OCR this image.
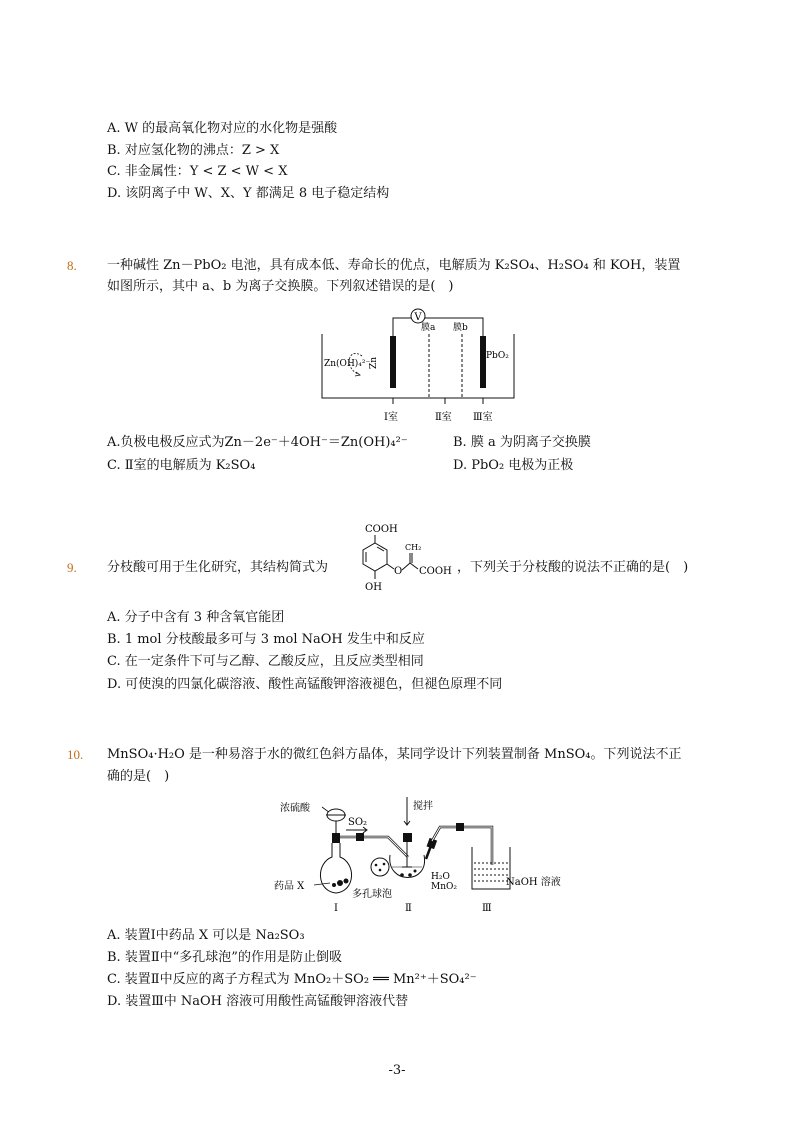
A. W 的最高氧化物对应的水化物是强酸
B. 对应氢化物的沸点：Z > X
C. 非金属性：Y < Z < W < X
D. 该阴离子中 W、X、Y 都满足 8 电子稳定结构
8. 一种碱性 Zn－PbO₂ 电池，具有成本低、寿命长的优点，电解质为 K₂SO₄、H₂SO₄ 和 KOH，装置
如图所示，其中 a、b 为离子交换膜。下列叙述错误的是(　)
V
膜a 膜b
Zn(OH)₄²⁻
Zn
PbO₂
Ⅰ室	Ⅱ室 Ⅲ室
A.负极电极反应式为Zn－2e⁻＋4OH⁻＝Zn(OH)₄²⁻	B. 膜 a 为阴离子交换膜
C. Ⅱ室的电解质为 K₂SO₄	D. PbO₂ 电极为正极
9. 分枝酸可用于生化研究，其结构简式为
COOH
O
CH₂
COOH
OH
，下列关于分枝酸的说法不正确的是(　)
A. 分子中含有 3 种含氧官能团
B. 1 mol 分枝酸最多可与 3 mol NaOH 发生中和反应
C. 在一定条件下可与乙醇、乙酸反应，且反应类型相同
D. 可使溴的四氯化碳溶液、酸性高锰酸钾溶液褪色，但褪色原理不同
10. MnSO₄·H₂O 是一种易溶于水的微红色斜方晶体，某同学设计下列装置制备 MnSO₄。下列说法不正
确的是(　)
浓硫酸
药品 X
SO₂
搅拌
多孔球泡
H₂O
MnO₂	NaOH 溶液
Ⅰ	Ⅱ	Ⅲ
A. 装置Ⅰ中药品 X 可以是 Na₂SO₃
B. 装置Ⅱ中“多孔球泡”的作用是防止倒吸
C. 装置Ⅱ中反应的离子方程式为 MnO₂＋SO₂ ══ Mn²⁺＋SO₄²⁻
D. 装置Ⅲ中 NaOH 溶液可用酸性高锰酸钾溶液代替
-3-
